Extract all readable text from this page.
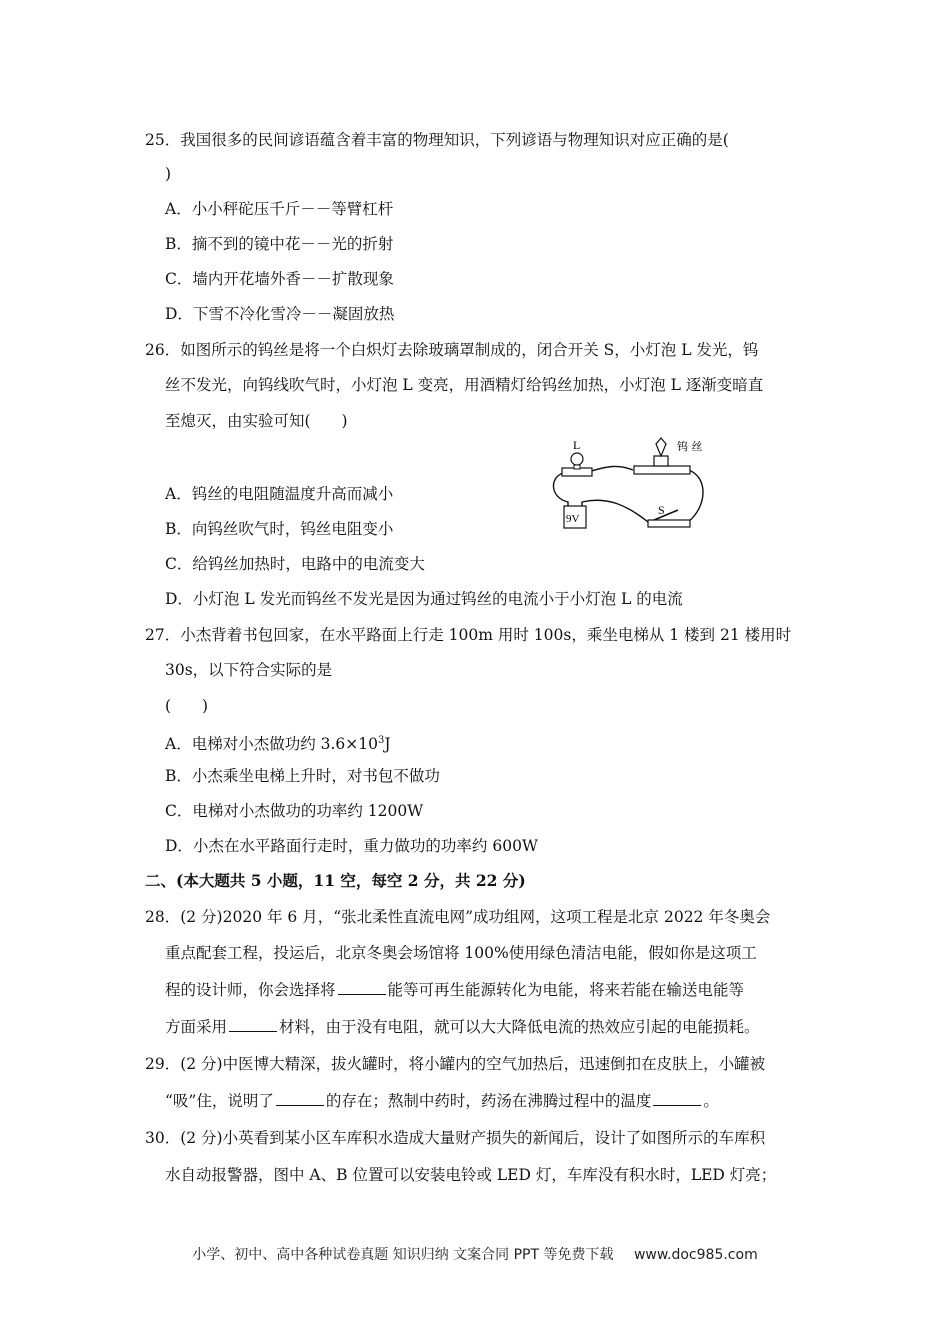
25．我国很多的民间谚语蕴含着丰富的物理知识，下列谚语与物理知识对应正确的是(
)
A．小小秤砣压千斤－－等臂杠杆
B．摘不到的镜中花－－光的折射
C．墙内开花墙外香－－扩散现象
D．下雪不冷化雪冷－－凝固放热
26．如图所示的钨丝是将一个白炽灯去除玻璃罩制成的，闭合开关 S，小灯泡 L 发光，钨
丝不发光，向钨线吹气时，小灯泡 L 变亮，用酒精灯给钨丝加热，小灯泡 L 逐渐变暗直
至熄灭，由实验可知(　　)
L	钨 丝
9V
S
A．钨丝的电阻随温度升高而减小
B．向钨丝吹气时，钨丝电阻变小
C．给钨丝加热时，电路中的电流变大
D．小灯泡 L 发光而钨丝不发光是因为通过钨丝的电流小于小灯泡 L 的电流
27．小杰背着书包回家，在水平路面上行走 100m 用时 100s，乘坐电梯从 1 楼到 21 楼用时
30s，以下符合实际的是
(　　)
A．电梯对小杰做功约 $3.6\times 10^3J$
B．小杰乘坐电梯上升时，对书包不做功
C．电梯对小杰做功的功率约 1200W
D．小杰在水平路面行走时，重力做功的功率约 600W
二、(本大题共 5 小题，11 空，每空 2 分，共 22 分)
28．(2 分)2020 年 6 月，“张北柔性直流电网”成功组网，这项工程是北京 2022 年冬奥会
重点配套工程，投运后，北京冬奥会场馆将 100%使用绿色清洁电能，假如你是这项工
程的设计师，你会选择将	能等可再生能源转化为电能，将来若能在输送电能等
方面采用	材料，由于没有电阻，就可以大大降低电流的热效应引起的电能损耗。
29．(2 分)中医博大精深，拔火罐时，将小罐内的空气加热后，迅速倒扣在皮肤上，小罐被
“吸”住，说明了	的存在；熬制中药时，药汤在沸腾过程中的温度	。
30．(2 分)小英看到某小区车库积水造成大量财产损失的新闻后，设计了如图所示的车库积
水自动报警器，图中 A、B 位置可以安装电铃或 LED 灯，车库没有积水时，LED 灯亮；
小学、初中、高中各种试卷真题 知识归纳 文案合同 PPT 等免费下载 www.doc985.com
